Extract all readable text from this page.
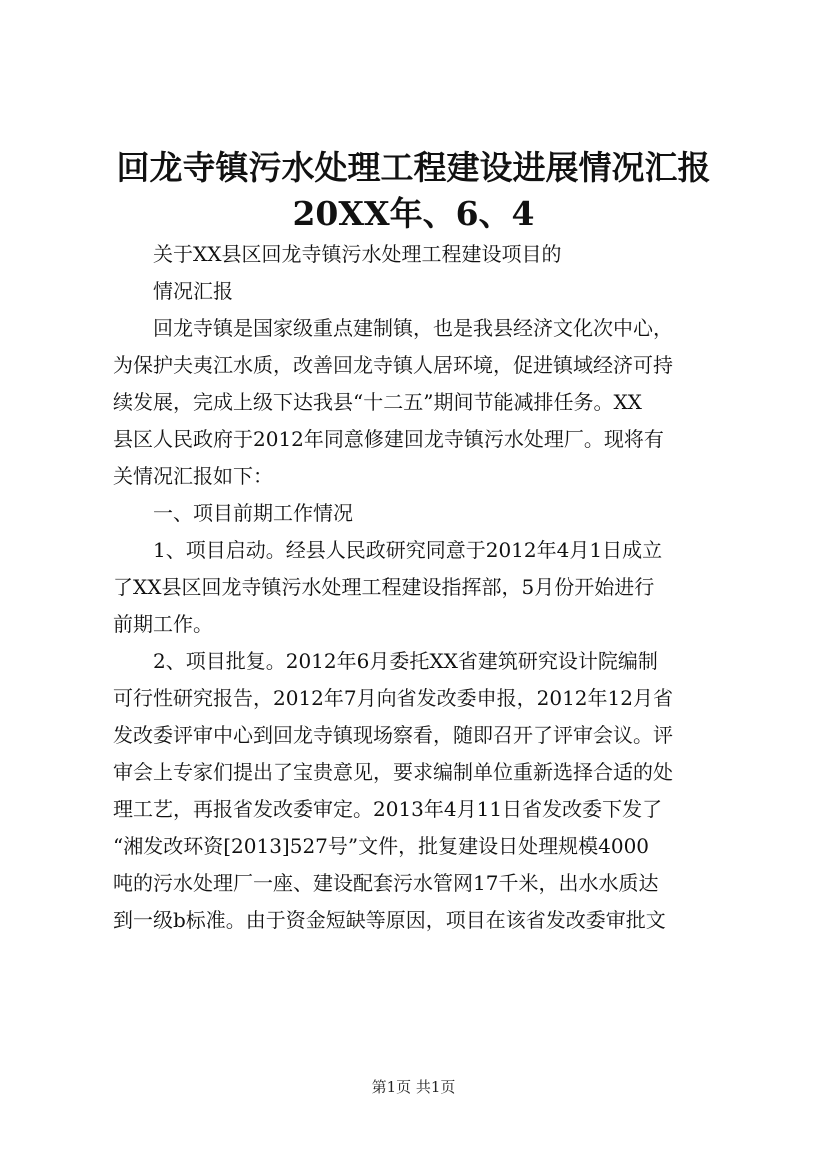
回龙寺镇污水处理工程建设进展情况汇报
20XX年、6、4

关于XX县区回龙寺镇污水处理工程建设项目的

情况汇报

回龙寺镇是国家级重点建制镇，也是我县经济文化次中心，

为保护夫夷江水质，改善回龙寺镇人居环境，促进镇域经济可持

续发展，完成上级下达我县“十二五”期间节能减排任务。XX

县区人民政府于2012年同意修建回龙寺镇污水处理厂。现将有

关情况汇报如下：

一、项目前期工作情况

1、项目启动。经县人民政研究同意于2012年4月1日成立

了XX县区回龙寺镇污水处理工程建设指挥部，5月份开始进行

前期工作。

2、项目批复。2012年6月委托XX省建筑研究设计院编制

可行性研究报告，2012年7月向省发改委申报，2012年12月省

发改委评审中心到回龙寺镇现场察看，随即召开了评审会议。评

审会上专家们提出了宝贵意见，要求编制单位重新选择合适的处

理工艺，再报省发改委审定。2013年4月11日省发改委下发了

“湘发改环资[2013]527号”文件，批复建设日处理规模4000

吨的污水处理厂一座、建设配套污水管网17千米，出水水质达

到一级b标准。由于资金短缺等原因，项目在该省发改委审批文

第1页 共1页
